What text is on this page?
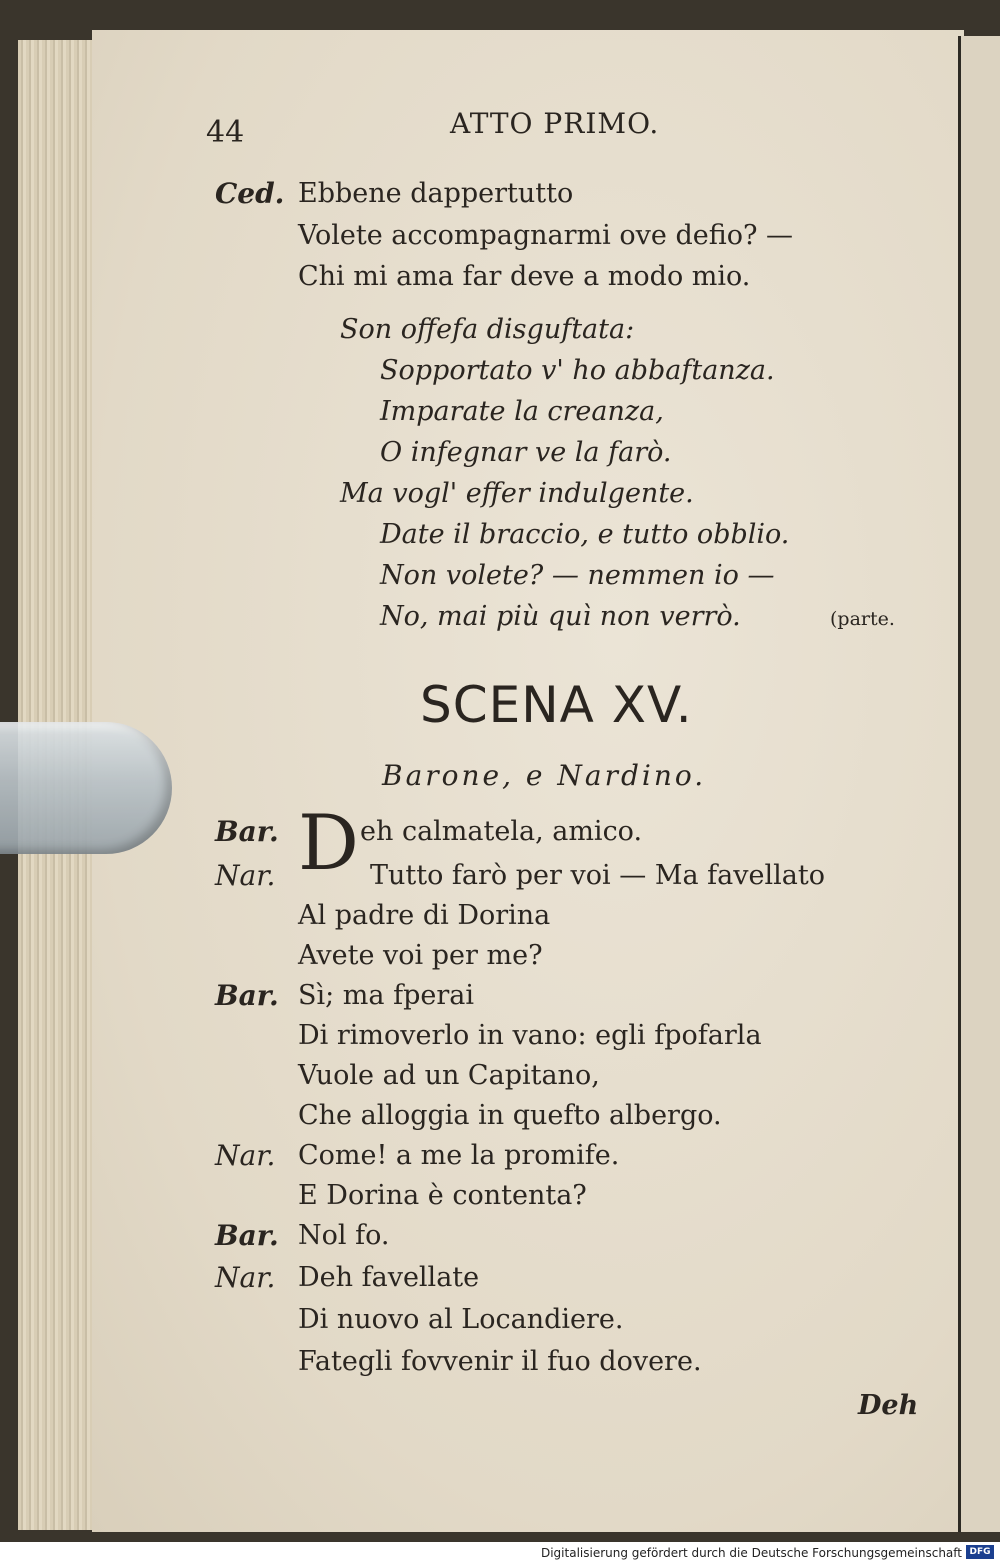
44	ATTO PRIMO.
Ced. Ebbene dappertutto
Volete accompagnarmi ove defio? —
Chi mi ama far deve a modo mio.
Son offefa disguftata:
Sopportato v' ho abbaftanza.
Imparate la creanza,
O infegnar ve la farò.
Ma vogl' effer indulgente.
Date il braccio, e tutto obblio.
Non volete? — nemmen io —
No, mai più quì non verrò.	(parte.
SCENA XV.
Barone, e Nardino.
D
Bar.	eh calmatela, amico.
Nar.	Tutto farò per voi — Ma favellato
Al padre di Dorina
Avete voi per me?
Bar. Sì; ma fperai
Di rimoverlo in vano: egli fpofarla
Vuole ad un Capitano,
Che alloggia in quefto albergo.
Nar. Come! a me la promife.
E Dorina è contenta?
Bar. Nol fo.
Nar. Deh favellate
Di nuovo al Locandiere.
Fategli fovvenir il fuo dovere.
Deh
Digitalisierung gefördert durch die Deutsche Forschungsgemeinschaft DFG
